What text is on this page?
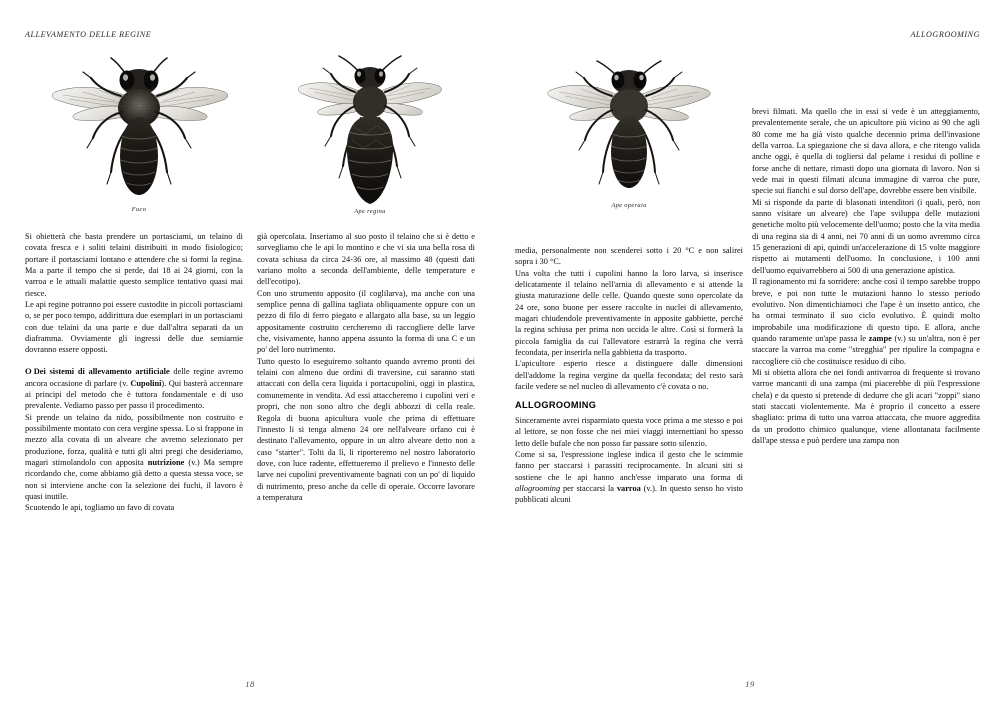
ALLEVAMENTO DELLE REGINE
Fuco	Ape regina

Si obietterà che basta prendere un portasciami, un telaino di covata fresca e i soliti telaini distribuiti in modo fisiologico; portare il portasciami lontano e attendere che si formi la regina. Ma a parte il tempo che si perde, dai 18 ai 24 giorni, con la varroa e le attuali malattie questo semplice tentativo quasi mai riesce.

Le api regine potranno poi essere custodite in piccoli portasciami o, se per poco tempo, addirittura due esemplari in un portasciami con due telaini da una parte e due dall'altra separati da un diaframma. Ovviamente gli ingressi delle due semiarnie dovranno essere opposti.

O  Dei sistemi di allevamento artificiale delle regine avremo ancora occasione di parlare (v. Cupolini). Qui basterà accennare ai principi del metodo che è tuttora fondamentale e di uso prevalente. Vediamo passo per passo il procedimento.

Si prende un telaino da nido, possibilmente non costruito e possibilmente montato con cera vergine spessa. Lo si frappone in mezzo alla covata di un alveare che avremo selezionato per produzione, forza, qualità e tutti gli altri pregi che desideriamo, magari stimolandolo con apposita nutrizione (v.) Ma sempre ricordando che, come abbiamo già detto a questa stessa voce, se non si interviene anche con la selezione dei fuchi, il lavoro è quasi inutile.

Scuotendo le api, togliamo un favo di covata

già opercolata. Inseriamo al suo posto il telaino che si è detto e sorvegliamo che le api lo montino e che vi sia una bella rosa di covata schiusa da circa 24-36 ore, al massimo 48 (questi dati variano molto a seconda dell'ambiente, delle temperature e dell'ecotipo).

Con uno strumento apposito (il coglilarva), ma anche con una semplice penna di gallina tagliata obliquamente oppure con un pezzo di filo di ferro piegato e allargato alla base, su un leggio appositamente costruito cercheremo di raccogliere delle larve che, visivamente, hanno appena assunto la forma di una C e un po' del loro nutrimento.

Tutto questo lo eseguiremo soltanto quando avremo pronti dei telaini con almeno due ordini di traversine, cui saranno stati attaccati con della cera liquida i portacupolini, oggi in plastica, comunemente in vendita. Ad essi attaccheremo i cupolini veri e propri, che non sono altro che degli abbozzi di cella reale. Regola di buona apicultura vuole che prima di effettuare l'innesto li si tenga almeno 24 ore nell'alveare orfano cui è destinato l'allevamento, oppure in un altro alveare detto non a caso "starter". Tolti da lì, li riporteremo nel nostro laboratorio dove, con luce radente, effettueremo il prelievo e l'innesto delle larve nei cupolini preventivamente bagnati con un po' di liquido di nutrimento, preso anche da celle di operaie. Occorre lavorare a temperatura

18
ALLOGROOMING
Ape operaia

media, personalmente non scenderei sotto i 20 °C e non salirei sopra i 30 °C.

Una volta che tutti i cupolini hanno la loro larva, si inserisce delicatamente il telaino nell'arnia di allevamento e si attende la giusta maturazione delle celle. Quando queste sono opercolate da 24 ore, sono buone per essere raccolte in nuclei di allevamento, magari chiudendole preventivamente in apposite gabbiette, perché la regina schiusa per prima non uccida le altre. Così si formerà la piccola famiglia da cui l'allevatore estrarrà la regina che verrà fecondata, per inserirla nella gabbietta da trasporto.

L'apicultore esperto riesce a distinguere dalle dimensioni dell'addome la regina vergine da quella fecondata; del resto sarà facile vedere se nel nucleo di allevamento c'è covata o no.

ALLOGROOMING

Sinceramente avrei risparmiato questa voce prima a me stesso e poi al lettore, se non fosse che nei miei viaggi internettiani ho spesso letto delle bufale che non posso far passare sotto silenzio.

Come si sa, l'espressione inglese indica il gesto che le scimmie fanno per staccarsi i parassiti reciprocamente. In alcuni siti si sostiene che le api hanno anch'esse imparato una forma di allogrooming per staccarsi la varroa (v.). In questo senso ho visto pubblicati alcuni

brevi filmati. Ma quello che in essi si vede è un atteggiamento, prevalentemente serale, che un apicultore più vicino ai 90 che agli 80 come me ha già visto qualche decennio prima dell'invasione della varroa. La spiegazione che si dava allora, e che ritengo valida anche oggi, è quella di togliersi dal pelame i residui di polline e forse anche di nettare, rimasti dopo una giornata di lavoro. Non si vede mai in questi filmati alcuna immagine di varroa che pure, specie sui fianchi e sul dorso dell'ape, dovrebbe essere ben visibile.

Mi si risponde da parte di blasonati intenditori (i quali, però, non sanno visitare un alveare) che l'ape sviluppa delle mutazioni genetiche molto più velocemente dell'uomo; posto che la vita media di una regina sia di 4 anni, nei 70 anni di un uomo avremmo circa 15 generazioni di api, quindi un'accelerazione di 15 volte maggiore rispetto ai mutamenti dell'uomo. In conclusione, i 100 anni dell'uomo equivarrebbero ai 500 di una generazione apistica.

Il ragionamento mi fa sorridere: anche così il tempo sarebbe troppo breve, e poi non tutte le mutazioni hanno lo stesso periodo evolutivo. Non dimentichiamoci che l'ape è un insetto antico, che ha ormai terminato il suo ciclo evolutivo. È quindi molto improbabile una modificazione di questo tipo. E allora, anche quando raramente un'ape passa le zampe (v.) su un'altra, non è per staccare la varroa ma come "stregghia" per ripulire la compagna e raccogliere ciò che costituisce residuo di cibo.

Mi si obietta allora che nei fondi antivarroa di frequente si trovano varroe mancanti di una zampa (mi piacerebbe di più l'espressione chela) e da questo si pretende di dedurre che gli acari "zoppi" siano stati staccati violentemente. Ma è proprio il concetto a essere sbagliato: prima di tutto una varroa attaccata, che muore aggredita da un prodotto chimico qualunque, viene allontanata facilmente dall'ape stessa e può perdere una zampa non

19
